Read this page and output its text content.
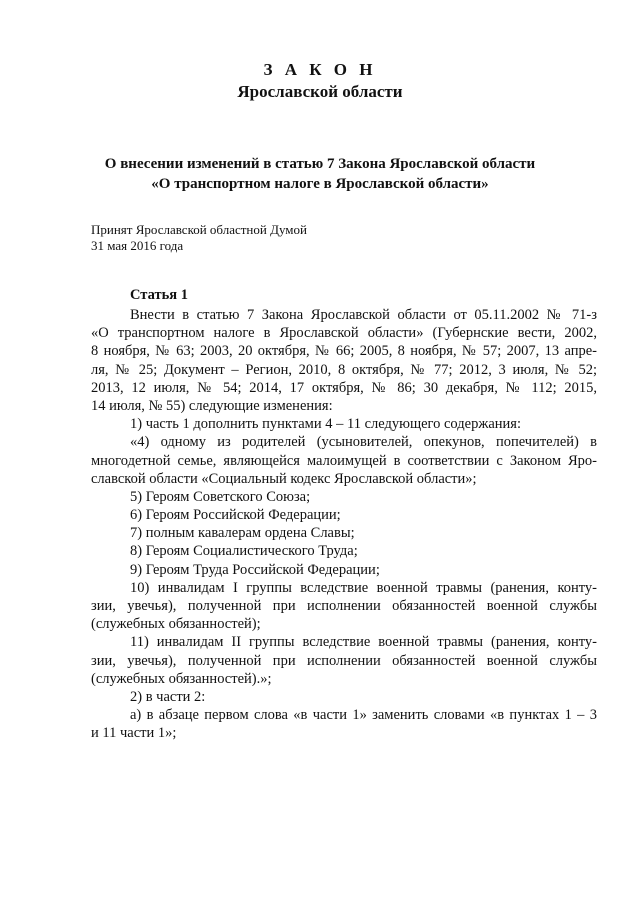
З А К О Н
Ярославской области
О внесении изменений в статью 7 Закона Ярославской области
«О транспортном налоге в Ярославской области»
Принят Ярославской областной Думой
31 мая 2016 года
Статья 1
Внести в статью 7 Закона Ярославской области от 05.11.2002 № 71-з
«О транспортном налоге в Ярославской области» (Губернские вести, 2002,
8 ноября, № 63; 2003, 20 октября, № 66; 2005, 8 ноября, № 57; 2007, 13 апре-
ля, № 25; Документ – Регион, 2010, 8 октября, № 77; 2012, 3 июля, № 52;
2013, 12 июля, № 54; 2014, 17 октября, № 86; 30 декабря, № 112; 2015,
14 июля, № 55) следующие изменения:
1) часть 1 дополнить пунктами 4 – 11 следующего содержания:
«4) одному из родителей (усыновителей, опекунов, попечителей) в
многодетной семье, являющейся малоимущей в соответствии с Законом Яро-
славской области «Социальный кодекс Ярославской области»;
5) Героям Советского Союза;
6) Героям Российской Федерации;
7) полным кавалерам ордена Славы;
8) Героям Социалистического Труда;
9) Героям Труда Российской Федерации;
10) инвалидам I группы вследствие военной травмы (ранения, конту-
зии, увечья), полученной при исполнении обязанностей военной службы
(служебных обязанностей);
11) инвалидам II группы вследствие военной травмы (ранения, конту-
зии, увечья), полученной при исполнении обязанностей военной службы
(служебных обязанностей).»;
2) в части 2:
а) в абзаце первом слова «в части 1» заменить словами «в пунктах 1 – 3
и 11 части 1»;
